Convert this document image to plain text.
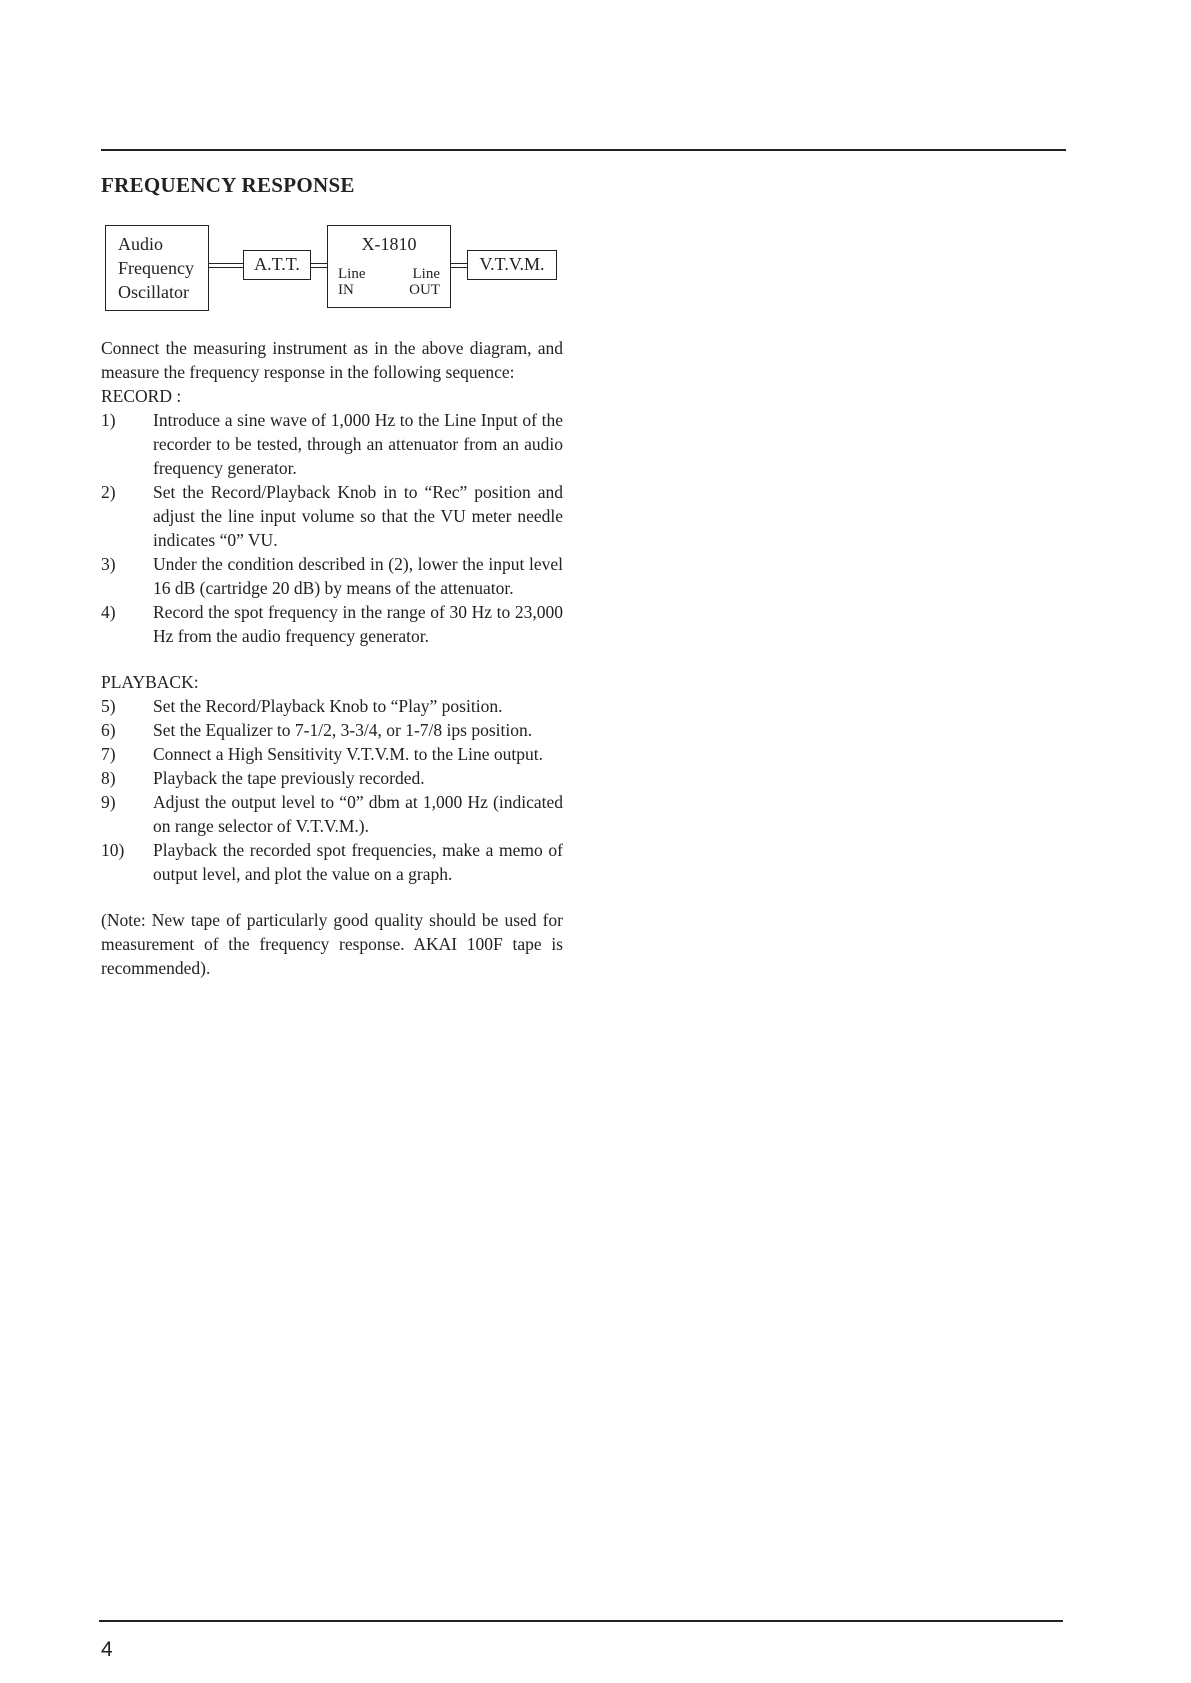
FREQUENCY RESPONSE
Audio
Frequency
Oscillator
A.T.T.
X-1810
Line
IN
Line
OUT
V.T.V.M.

Connect the measuring instrument as in the above diagram, and measure the frequency response in the following sequence:

RECORD :
1)	Introduce a sine wave of 1,000 Hz to the Line Input of the recorder to be tested, through an attenuator from an audio frequency generator.
2)	Set the Record/Playback Knob in to “Rec” position and adjust the line input volume so that the VU meter needle indicates “0” VU.
3)	Under the condition described in (2), lower the input level 16 dB (cartridge 20 dB) by means of the attenuator.
4)	Record the spot frequency in the range of 30 Hz to 23,000 Hz from the audio frequency generator.
PLAYBACK:
5)	Set the Record/Playback Knob to “Play” position.
6)	Set the Equalizer to 7-1/2, 3-3/4, or 1-7/8 ips position.
7)	Connect a High Sensitivity V.T.V.M. to the Line output.
8)	Playback the tape previously recorded.
9)	Adjust the output level to “0” dbm at 1,000 Hz (indicated on range selector of V.T.V.M.).
10)	Playback the recorded spot frequencies, make a memo of output level, and plot the value on a graph.

(Note: New tape of particularly good quality should be used for measurement of the frequency response. AKAI 100F tape is recommended).

4
